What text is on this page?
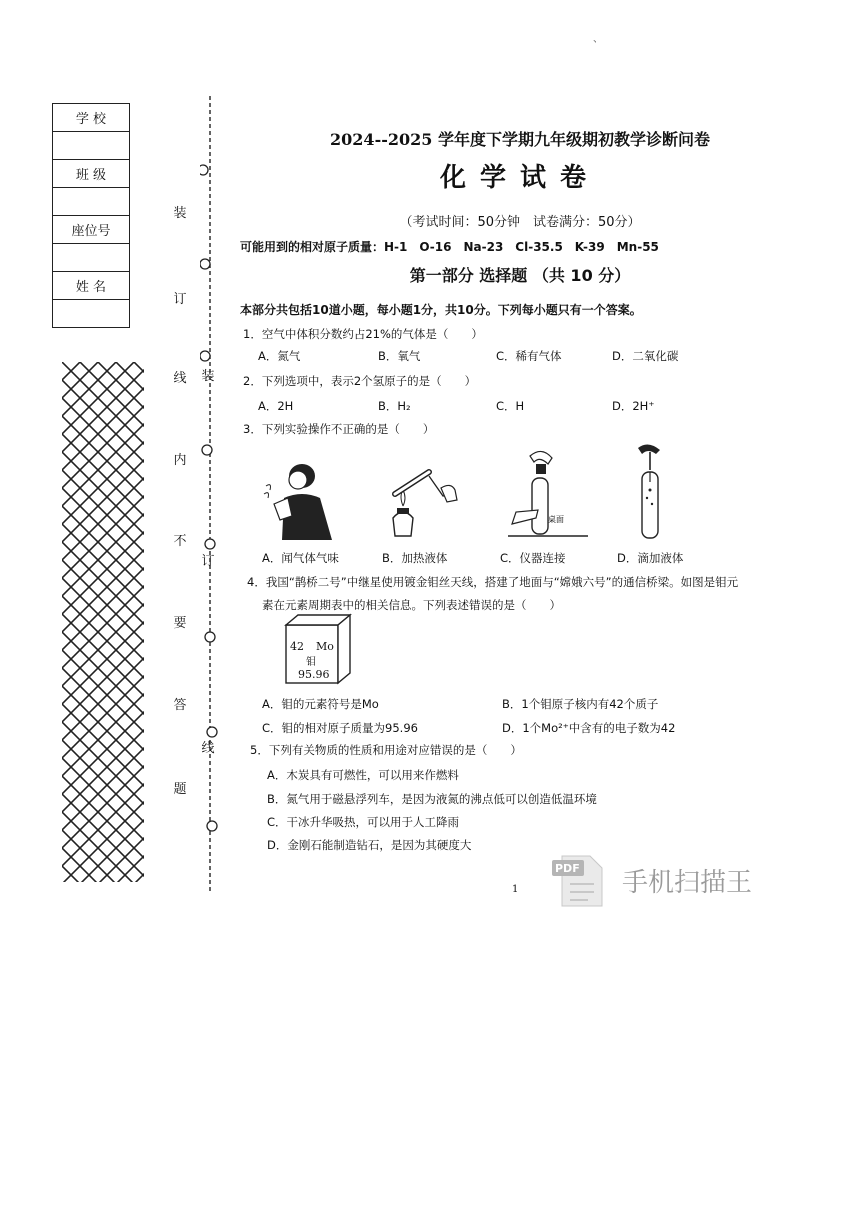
、
学 校

班 级

座位号

姓 名

装
订
线
内
不
要
答
题
装
订
线
2024--2025 学年度下学期九年级期初教学诊断问卷
化学试卷
（考试时间：50分钟　试卷满分：50分）
可能用到的相对原子质量：H-1　O-16　Na-23　Cl-35.5　K-39　Mn-55
第一部分 选择题 （共 10 分）
本部分共包括10道小题，每小题1分，共10分。下列每小题只有一个答案。
1．空气中体积分数约占21%的气体是（　　）
A．氮气	B．氧气	C．稀有气体	D．二氧化碳
2．下列选项中，表示2个氢原子的是（　　）
A．2H	B．H₂	C．H	D．2H⁺
3．下列实验操作不正确的是（　　）
桌面
A．闻气体气味	B．加热液体	C．仪器连接	D．滴加液体
4．我国“鹊桥二号”中继星使用镀金钼丝天线，搭建了地面与“嫦娥六号”的通信桥梁。如图是钼元
素在元素周期表中的相关信息。下列表述错误的是（　　）
42 Mo
钼
95.96
A．钼的元素符号是Mo	B．1个钼原子核内有42个质子
C．钼的相对原子质量为95.96	D．1个Mo²⁺中含有的电子数为42
5．下列有关物质的性质和用途对应错误的是（　　）
A．木炭具有可燃性，可以用来作燃料
B．氮气用于磁悬浮列车，是因为液氮的沸点低可以创造低温环境
C．干冰升华吸热，可以用于人工降雨
D．金刚石能制造钻石，是因为其硬度大
1
PDF 手机扫描王
